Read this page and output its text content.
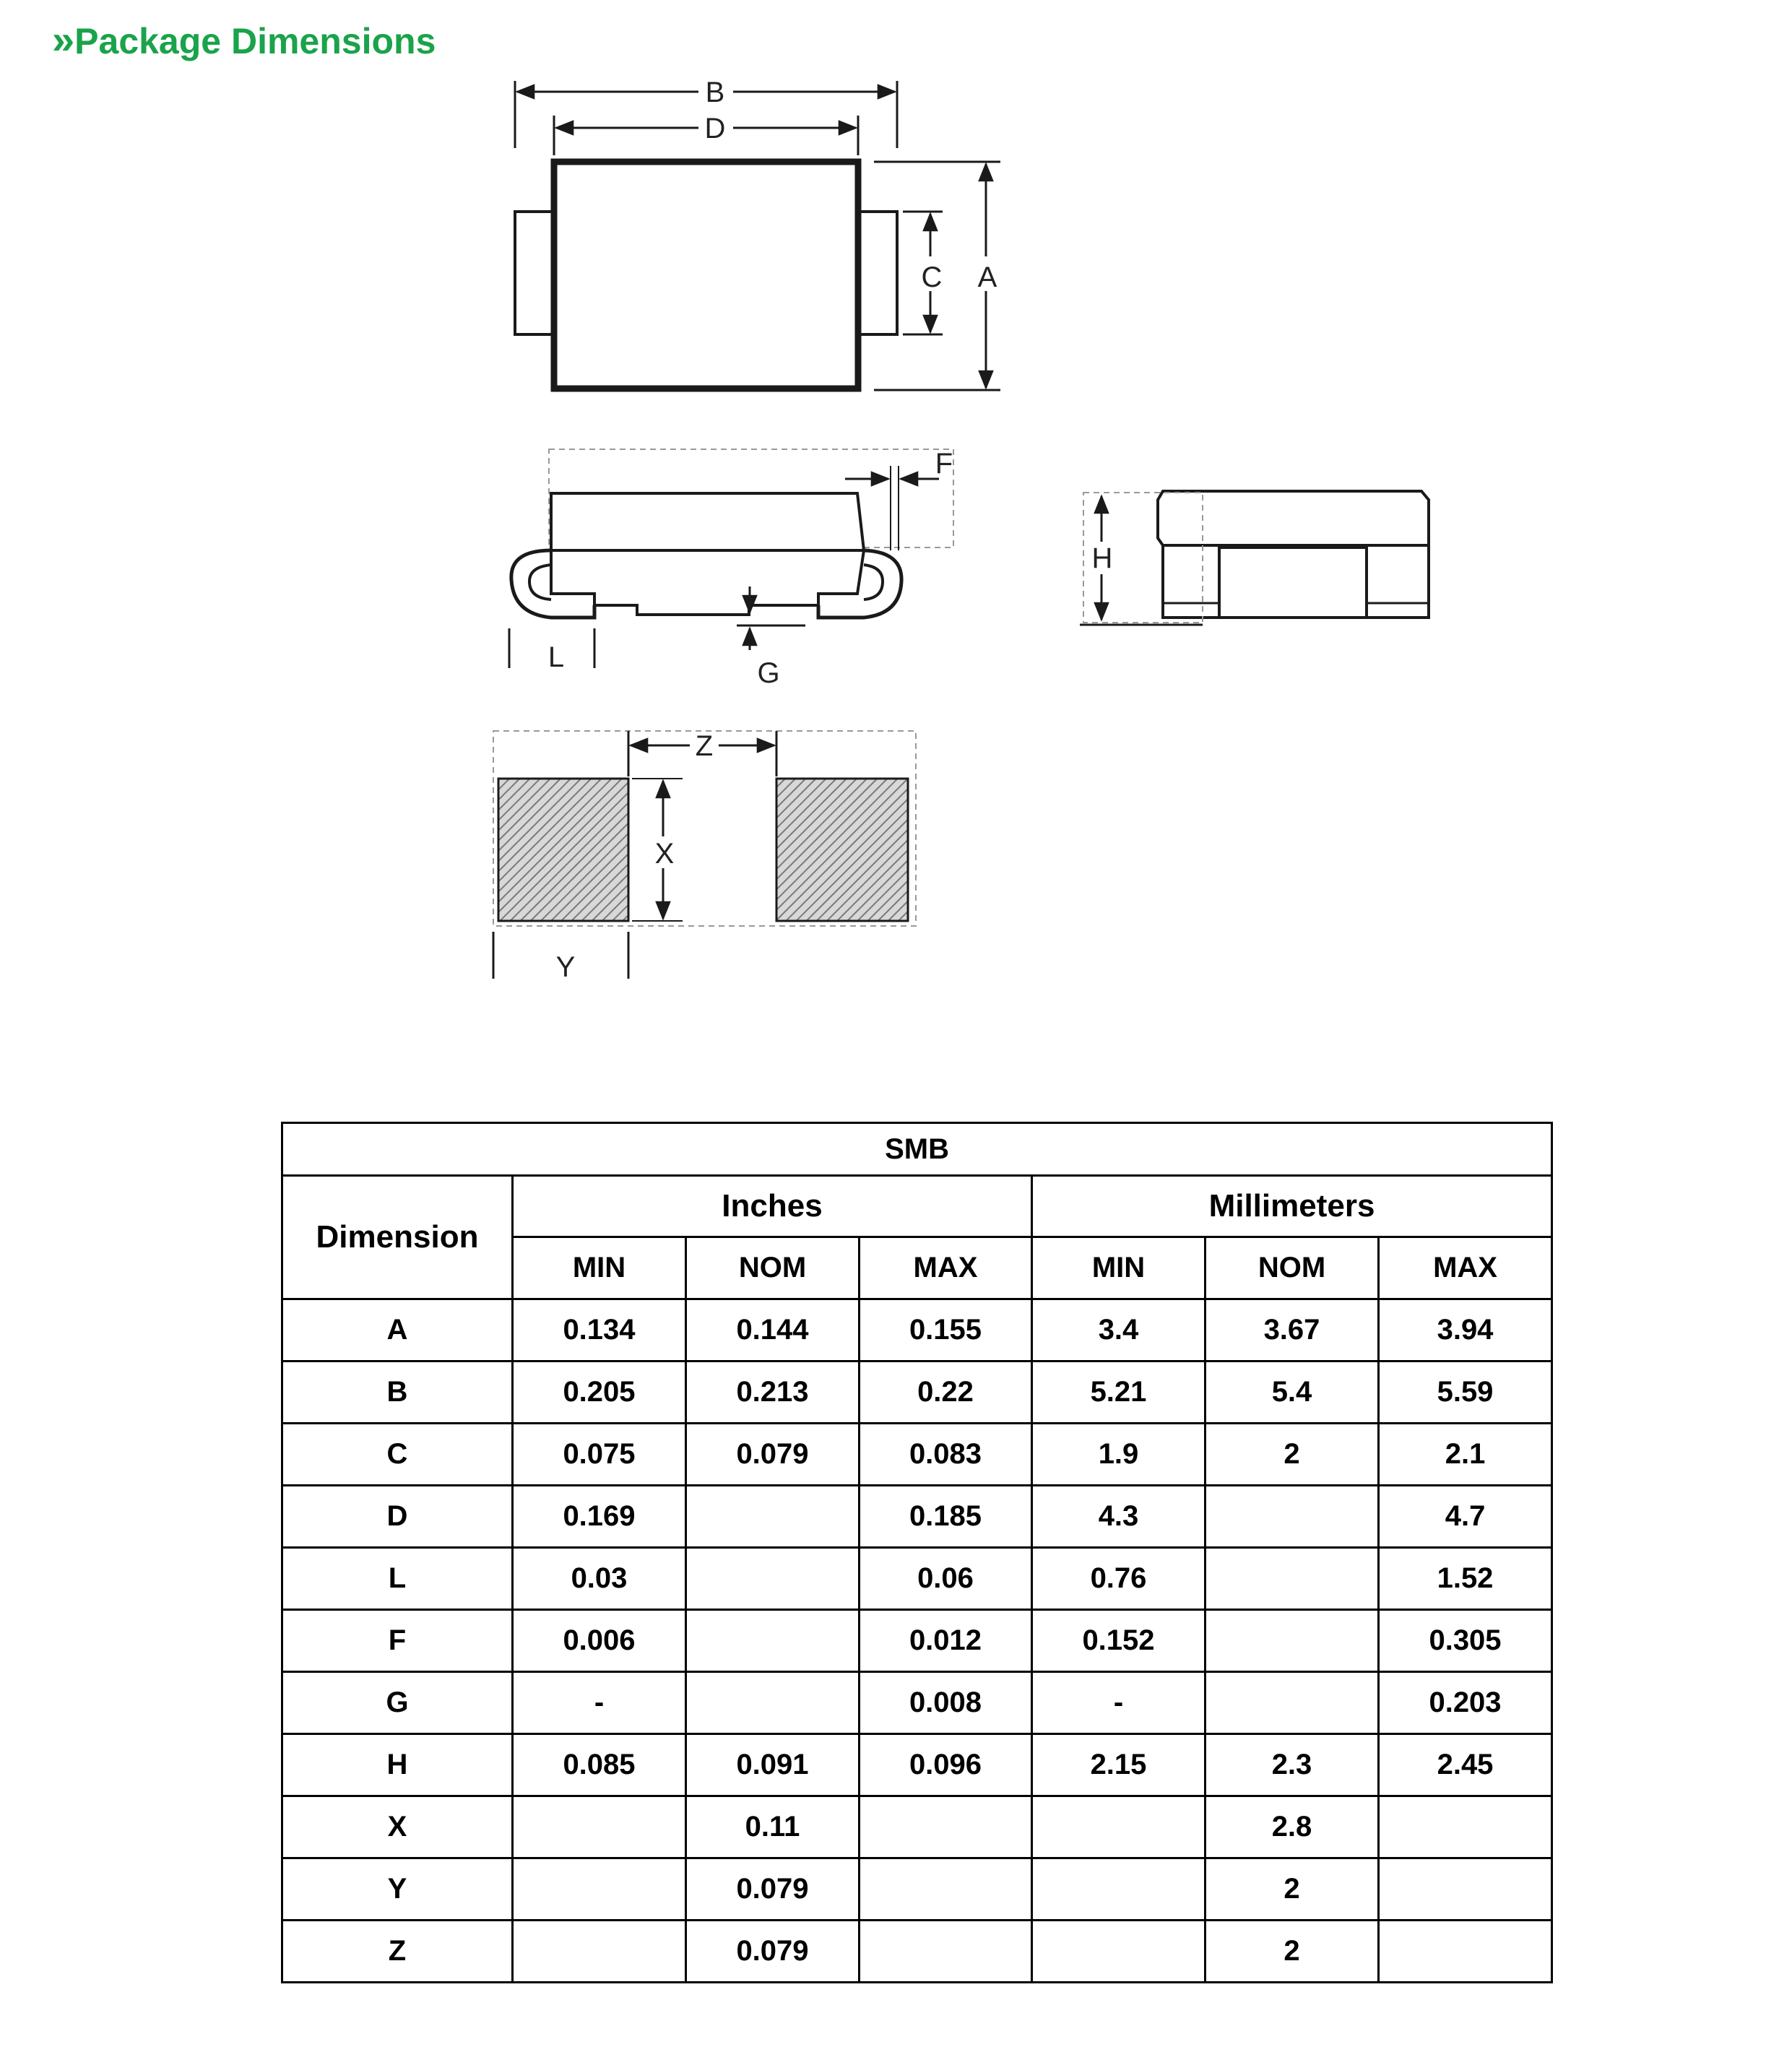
»Package Dimensions
B
D
C A
F
G
L
H
Z
X
Y
SMB						
Dimension	Inches			Millimeters		
	MIN	NOM	MAX	MIN	NOM	MAX
A	0.134	0.144	0.155	3.4	3.67	3.94
B	0.205	0.213	0.22	5.21	5.4	5.59
C	0.075	0.079	0.083	1.9	2	2.1
D	0.169		0.185	4.3		4.7
L	0.03		0.06	0.76		1.52
F	0.006		0.012	0.152		0.305
G	-		0.008	-		0.203
H	0.085	0.091	0.096	2.15	2.3	2.45
X		0.11			2.8	
Y		0.079			2	
Z		0.079			2	
